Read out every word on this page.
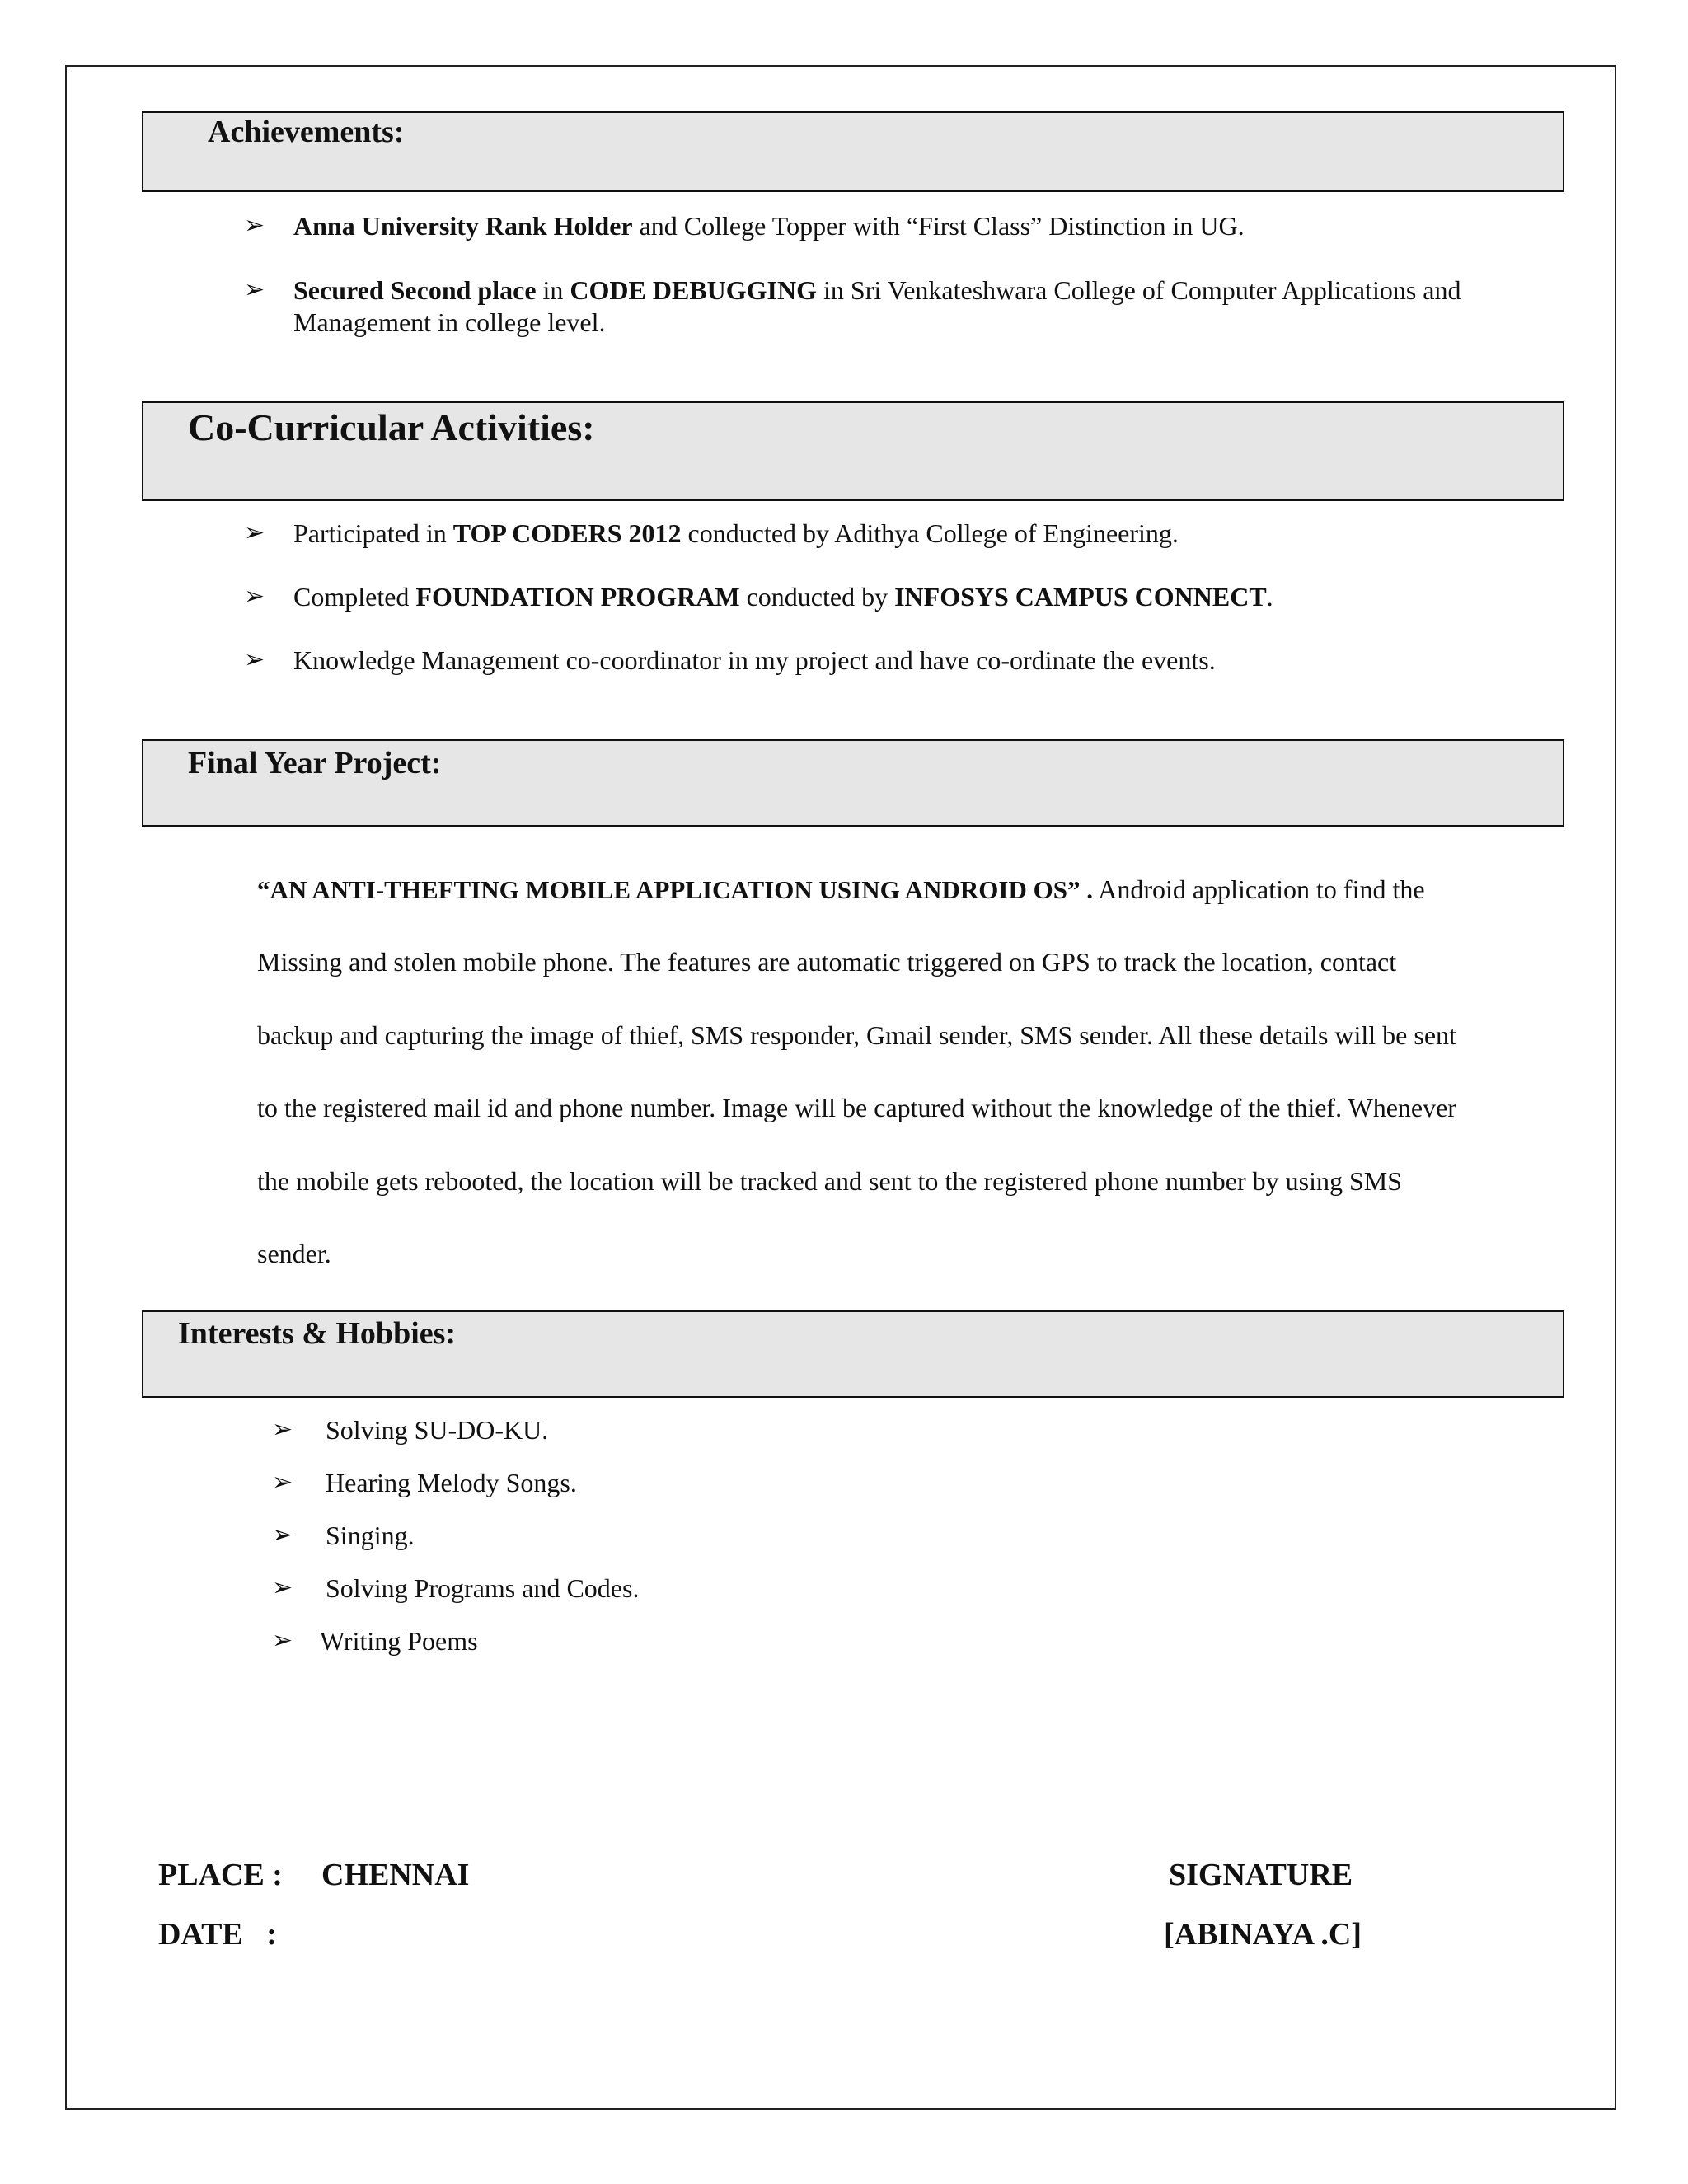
Achievements:
➢ Anna University Rank Holder and College Topper with “First Class” Distinction in UG.
➢ Secured Second place in CODE DEBUGGING in Sri Venkateshwara College of Computer Applications and
Management in college level.
Co-Curricular Activities:
➢ Participated in TOP CODERS 2012 conducted by Adithya College of Engineering.
➢ Completed FOUNDATION PROGRAM conducted by INFOSYS CAMPUS CONNECT.
➢ Knowledge Management co-coordinator in my project and have co-ordinate the events.
Final Year Project:
“AN ANTI-THEFTING MOBILE APPLICATION USING ANDROID OS” . Android application to find the
Missing and stolen mobile phone. The features are automatic triggered on GPS to track the location, contact
backup and capturing the image of thief, SMS responder, Gmail sender, SMS sender. All these details will be sent
to the registered mail id and phone number. Image will be captured without the knowledge of the thief. Whenever
the mobile gets rebooted, the location will be tracked and sent to the registered phone number by using SMS
sender.
Interests & Hobbies:
➢ Solving SU-DO-KU.
➢ Hearing Melody Songs.
➢ Singing.
➢ Solving Programs and Codes.
➢ Writing Poems
PLACE : CHENNAI
DATE   :
SIGNATURE
[ABINAYA .C]
